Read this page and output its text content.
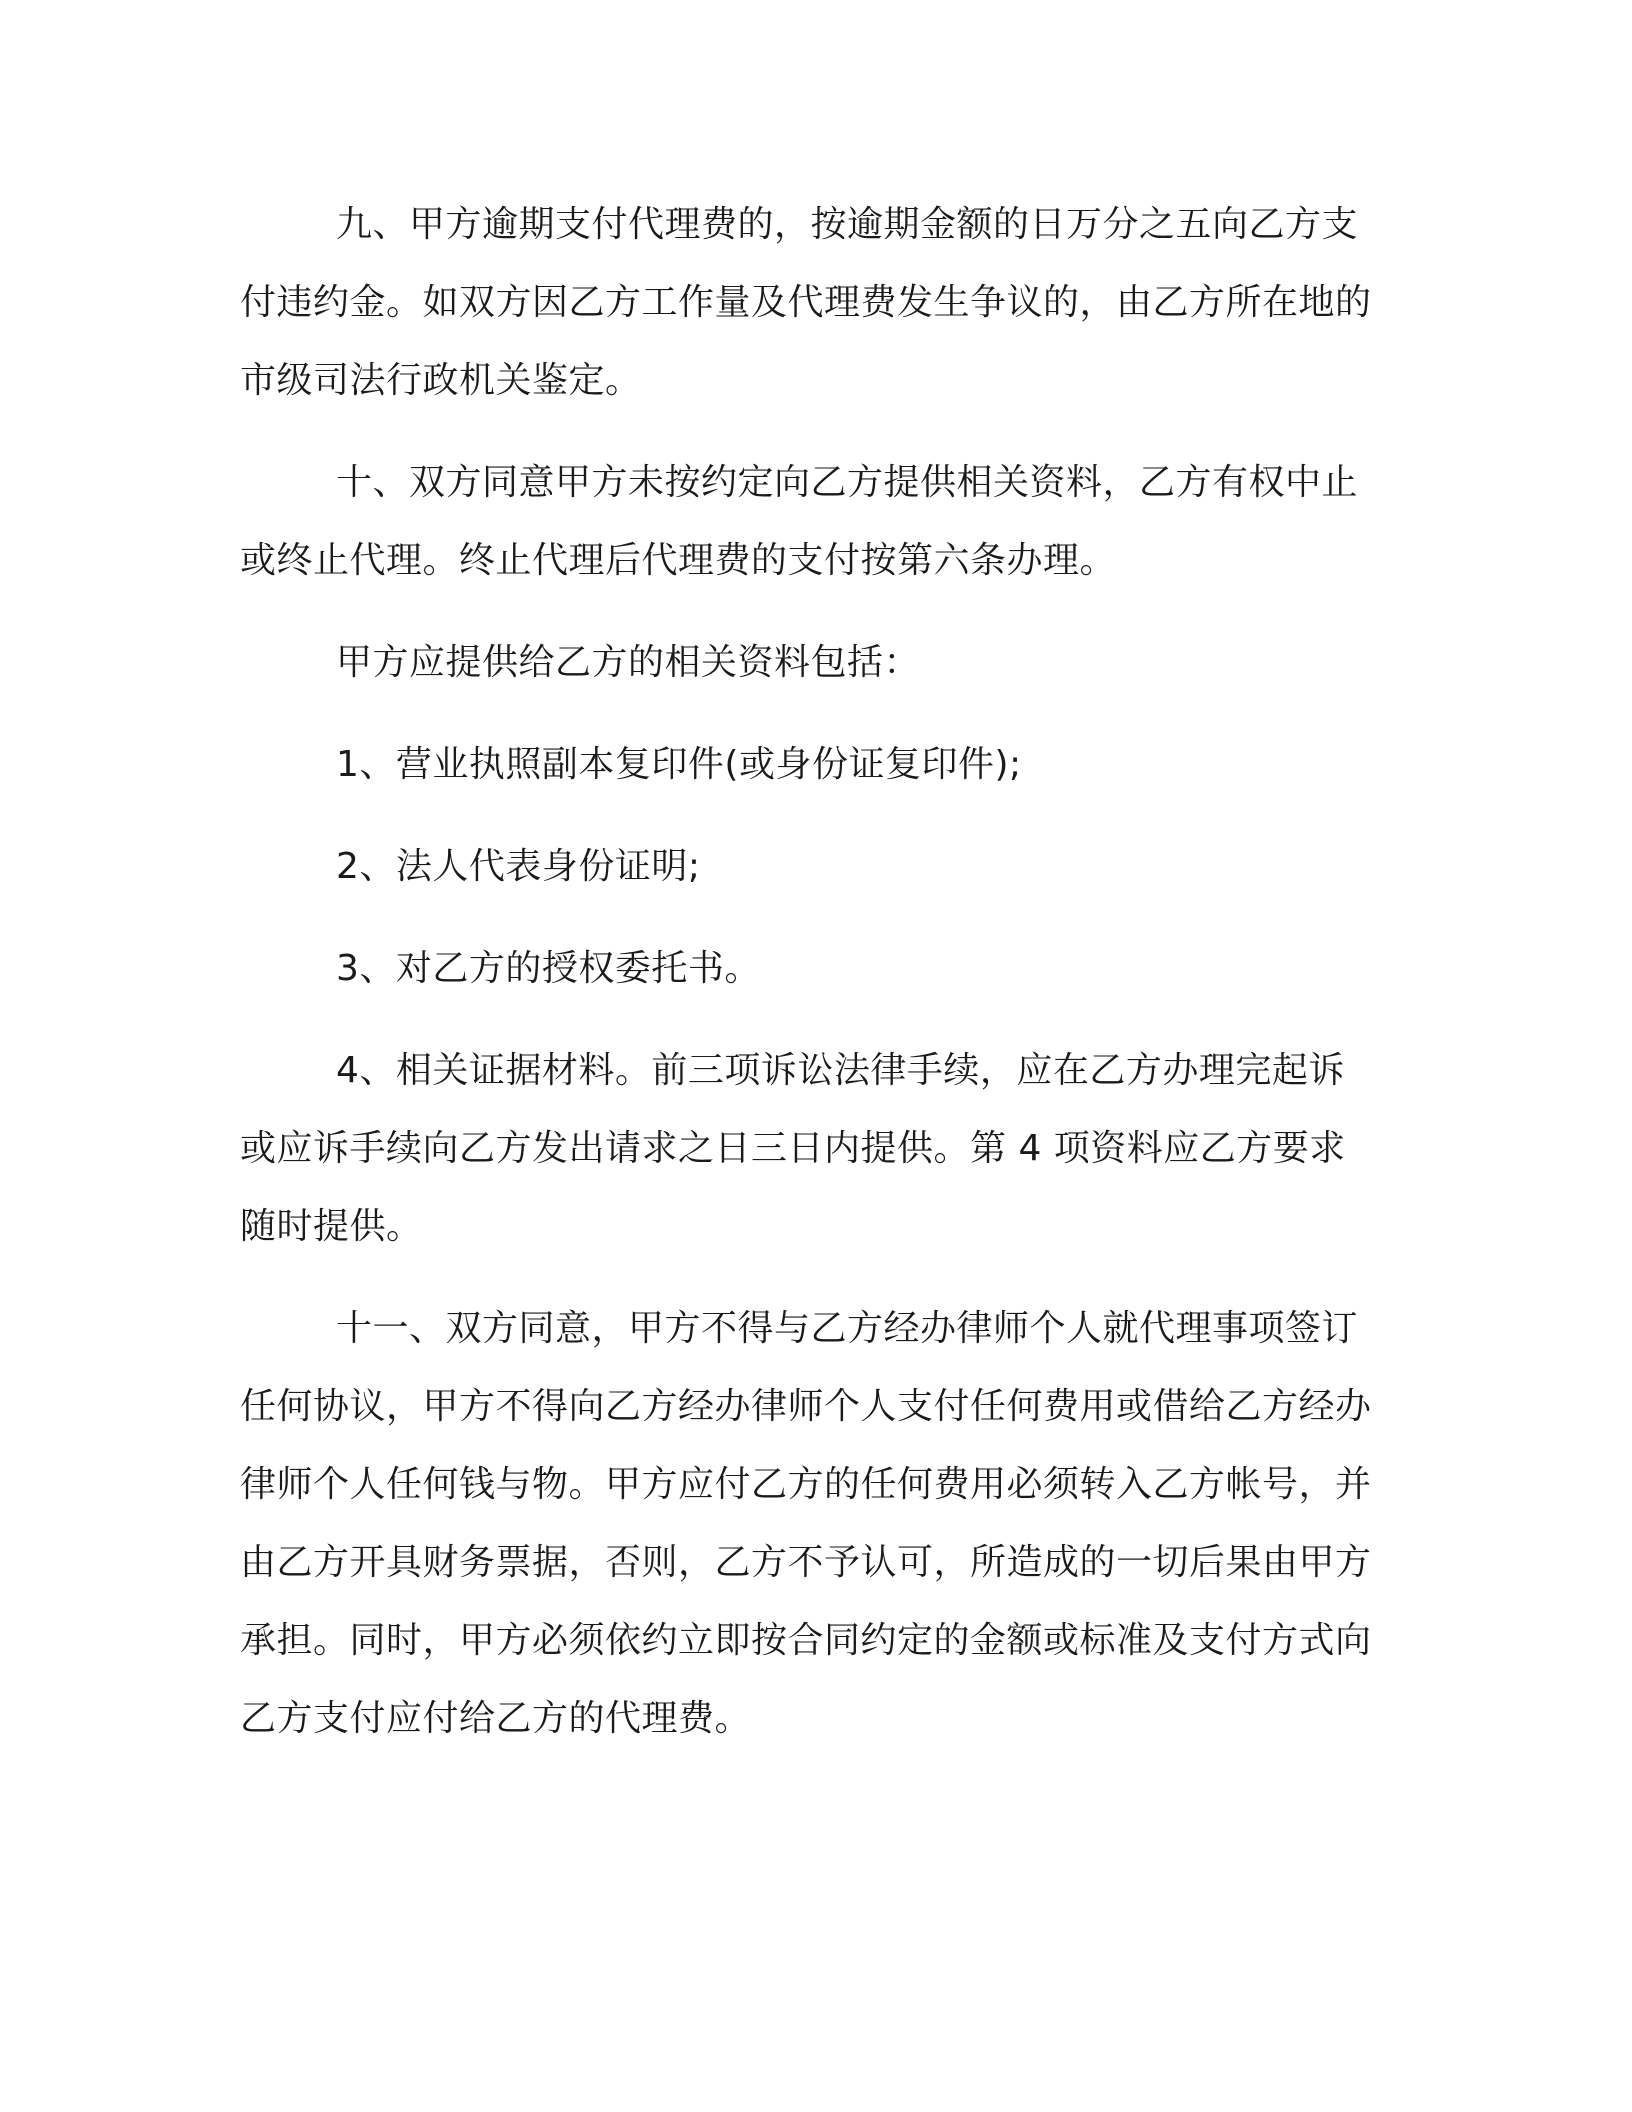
九、甲方逾期支付代理费的，按逾期金额的日万分之五向乙方支付违约金。如双方因乙方工作量及代理费发生争议的，由乙方所在地的市级司法行政机关鉴定。

十、双方同意甲方未按约定向乙方提供相关资料，乙方有权中止或终止代理。终止代理后代理费的支付按第六条办理。

甲方应提供给乙方的相关资料包括：

1、营业执照副本复印件(或身份证复印件);

2、法人代表身份证明;

3、对乙方的授权委托书。

4、相关证据材料。前三项诉讼法律手续，应在乙方办理完起诉或应诉手续向乙方发出请求之日三日内提供。第 4 项资料应乙方要求随时提供。

十一、双方同意，甲方不得与乙方经办律师个人就代理事项签订任何协议，甲方不得向乙方经办律师个人支付任何费用或借给乙方经办律师个人任何钱与物。甲方应付乙方的任何费用必须转入乙方帐号，并由乙方开具财务票据，否则，乙方不予认可，所造成的一切后果由甲方承担。同时，甲方必须依约立即按合同约定的金额或标准及支付方式向乙方支付应付给乙方的代理费。
